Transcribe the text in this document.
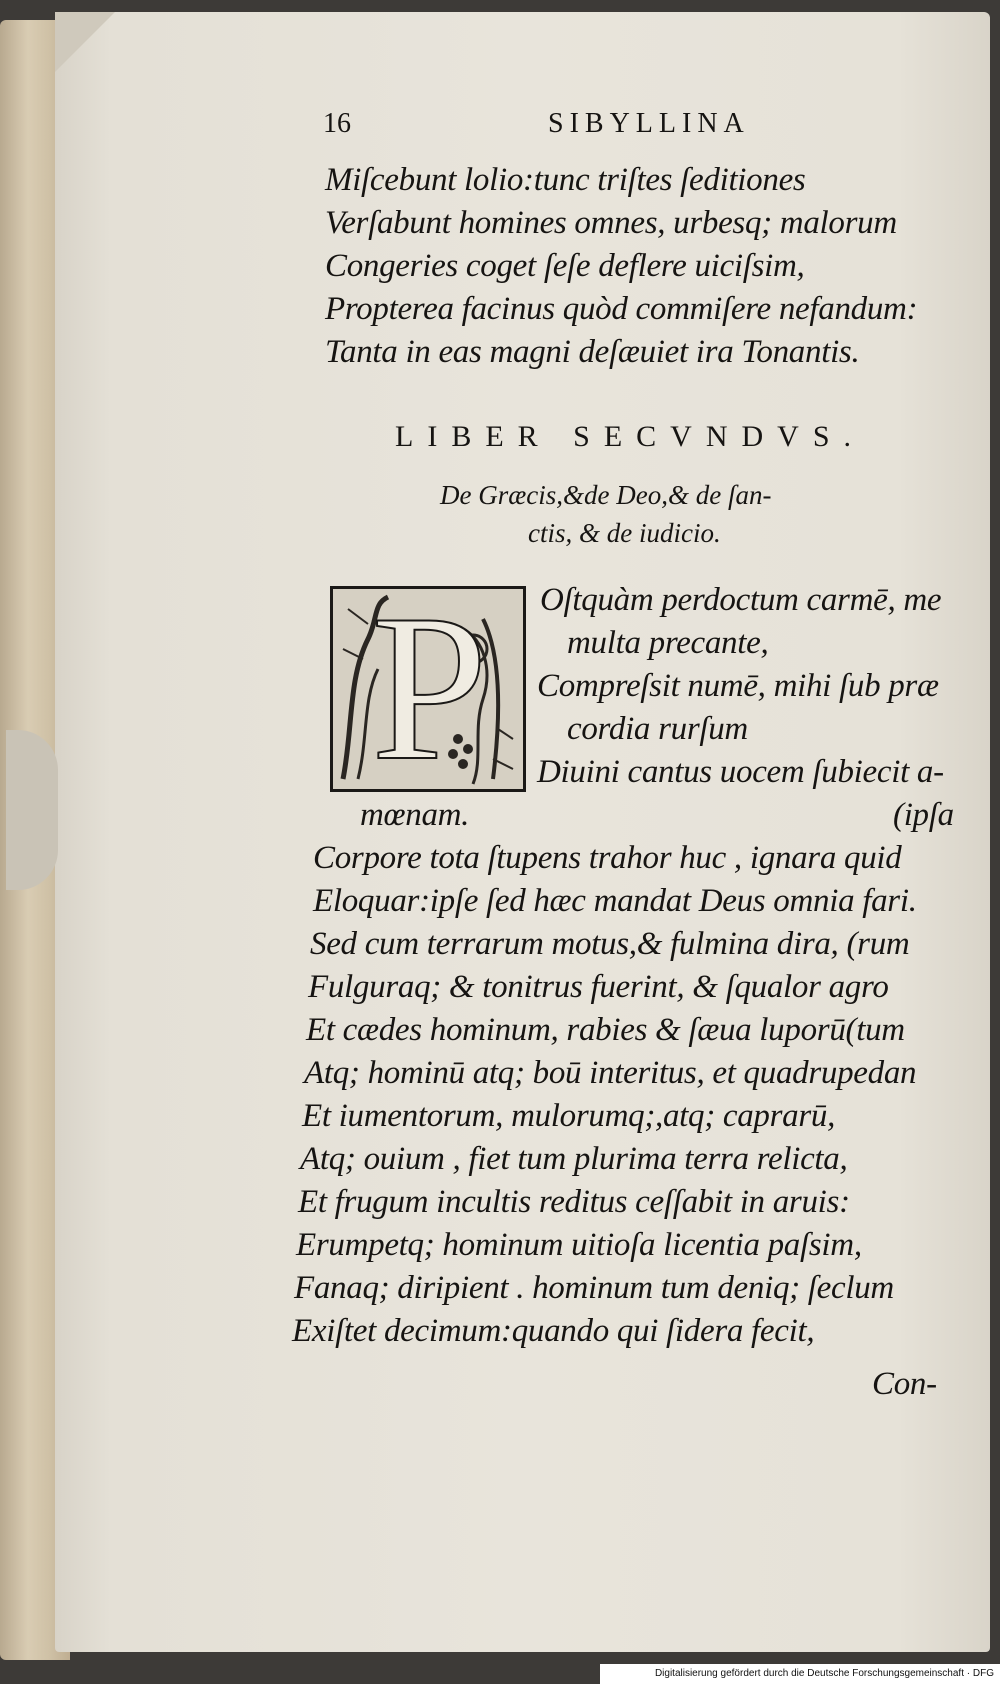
16	SIBYLLINA
Miſcebunt lolio:tunc triſtes ſeditiones
Verſabunt homines omnes, urbesq; malorum
Congeries coget ſeſe deflere uiciſsim,
Propterea facinus quòd commiſere nefandum:
Tanta in eas magni deſæuiet ira Tonantis.
LIBER SECVNDVS.
De Græcis,&de Deo,& de ſan-
ctis, & de iudicio.
P Oſtquàm perdoctum carmē, me
multa precante,
Compreſsit numē, mihi ſub præ
cordia rurſum
Diuini cantus uocem ſubiecit a-
mœnam.	(ipſa
Corpore tota ſtupens trahor huc , ignara quid
Eloquar:ipſe ſed hæc mandat Deus omnia fari.
Sed cum terrarum motus,& fulmina dira, (rum
Fulguraq; & tonitrus fuerint, & ſqualor agro
Et cædes hominum, rabies & ſæua luporū(tum
Atq; hominū atq; boū interitus, et quadrupedan
Et iumentorum, mulorumq;,atq; caprarū,
Atq; ouium , fiet tum plurima terra relicta,
Et frugum incultis reditus ceſſabit in aruis:
Erumpetq; hominum uitioſa licentia paſsim,
Fanaq; diripient . hominum tum deniq; ſeclum
Exiſtet decimum:quando qui ſidera fecit,
Con-
Digitalisierung gefördert durch die Deutsche Forschungsgemeinschaft · DFG
